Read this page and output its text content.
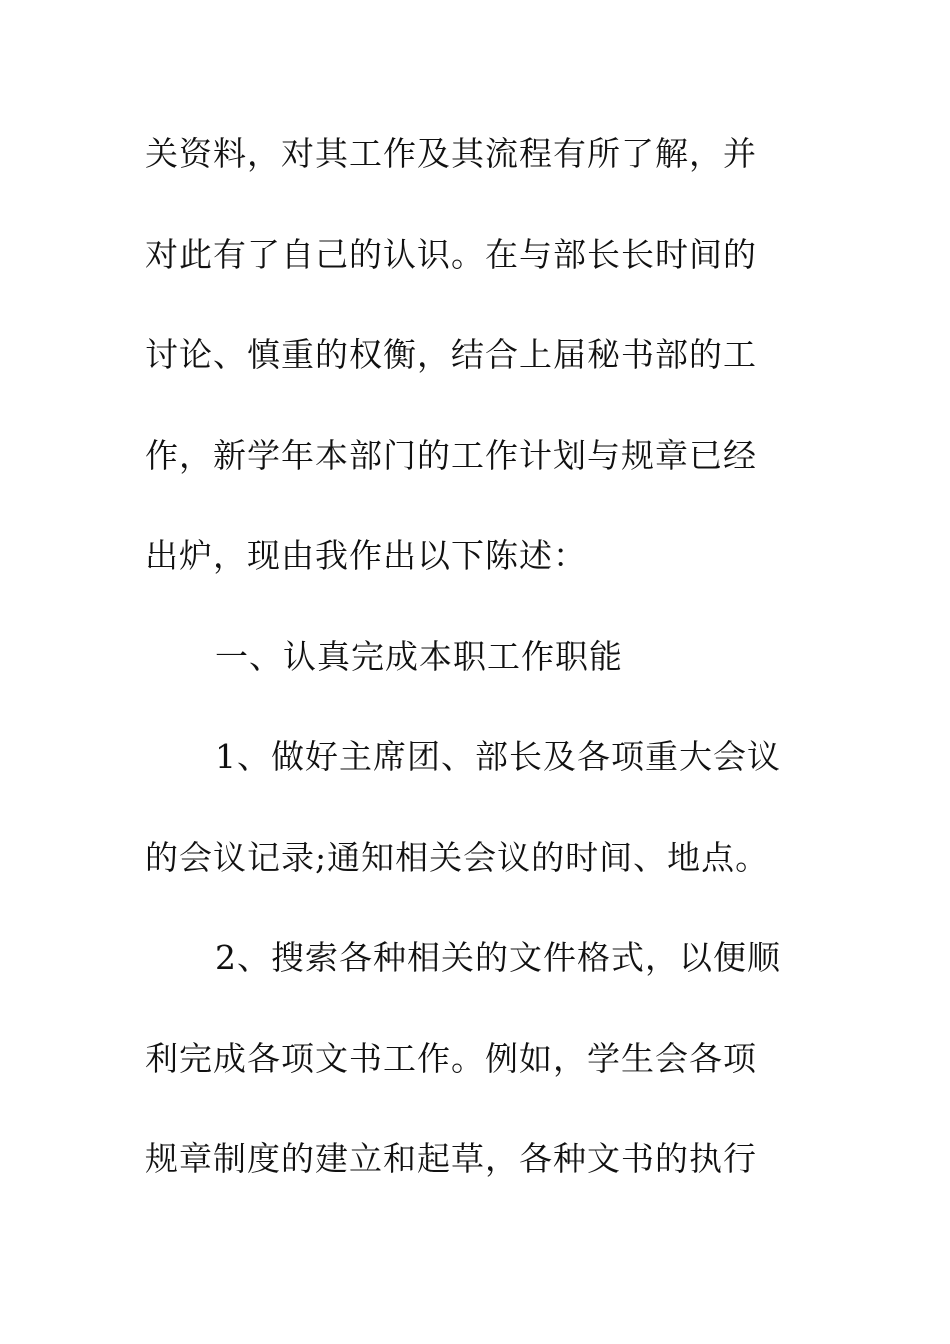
关资料，对其工作及其流程有所了解，并
对此有了自己的认识。在与部长长时间的
讨论、慎重的权衡，结合上届秘书部的工
作，新学年本部门的工作计划与规章已经
出炉，现由我作出以下陈述：
一、认真完成本职工作职能
1、做好主席团、部长及各项重大会议
的会议记录;通知相关会议的时间、地点。
2、搜索各种相关的文件格式，以便顺
利完成各项文书工作。例如，学生会各项
规章制度的建立和起草，各种文书的执行
